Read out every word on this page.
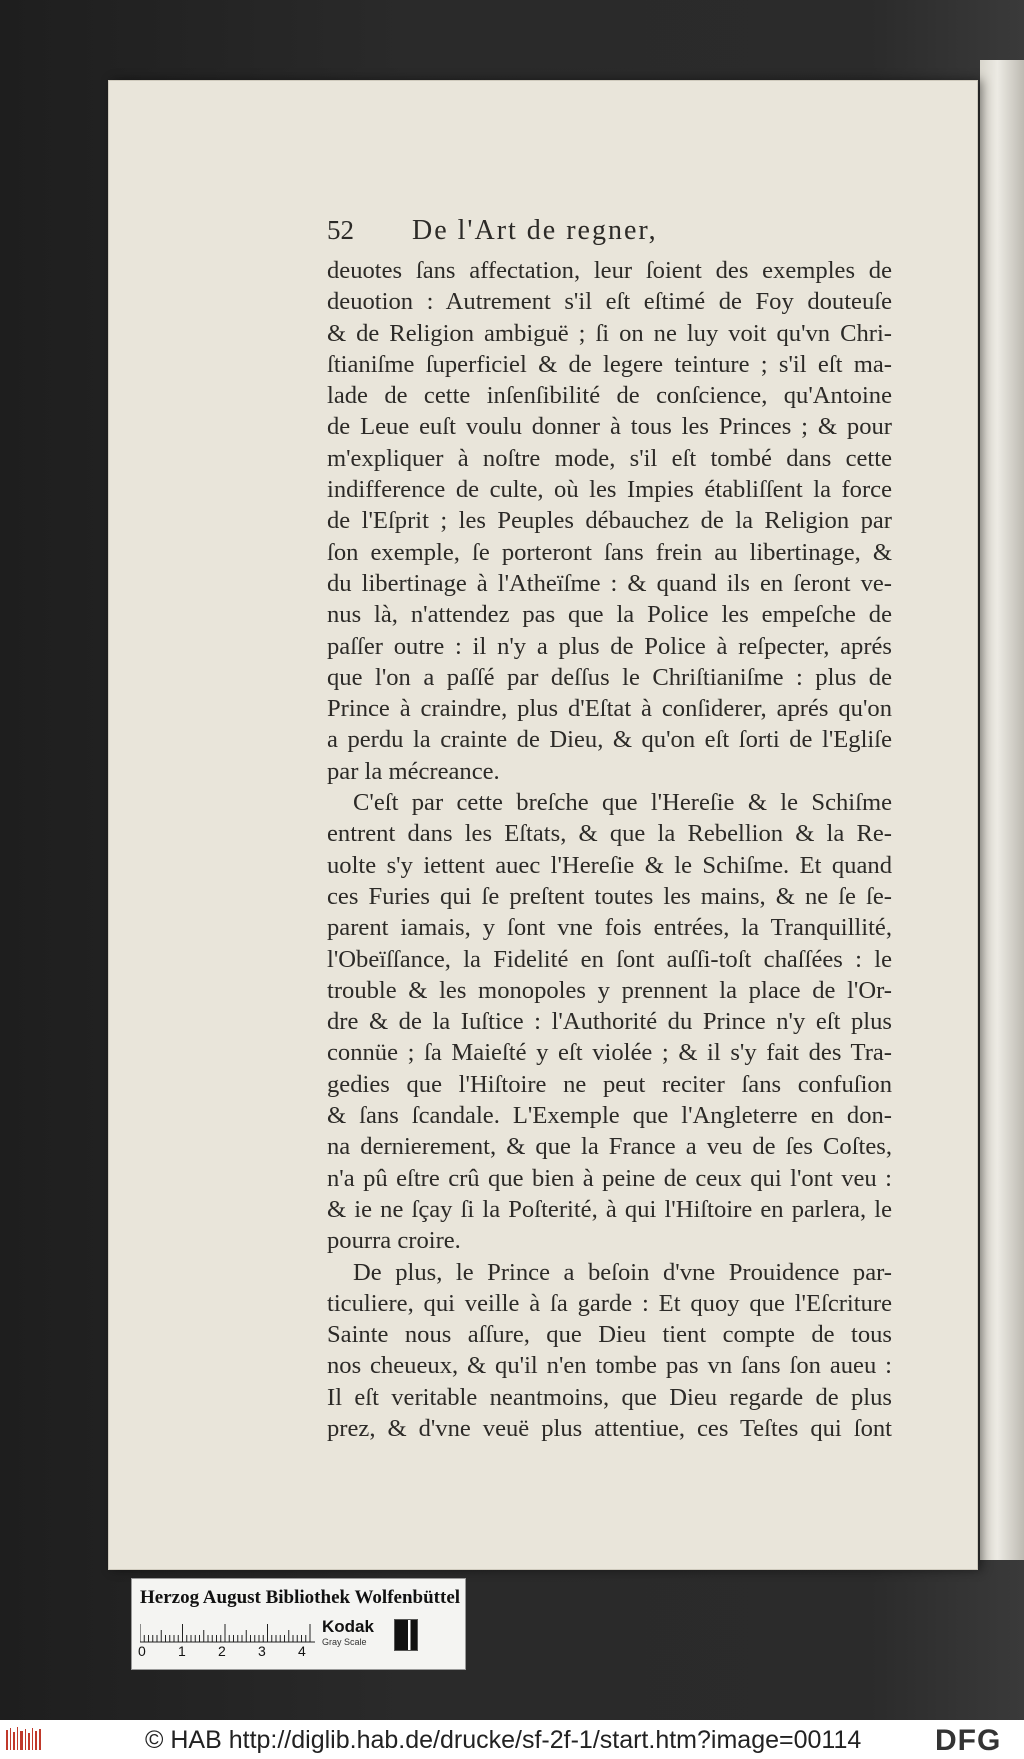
52	De l'Art de regner,
deuotes ſans affectation, leur ſoient des exemples de
deuotion : Autrement s'il eſt eſtimé de Foy douteuſe
& de Religion ambiguë ; ſi on ne luy voit qu'vn Chri-
ſtianiſme ſuperficiel & de legere teinture ; s'il eſt ma-
lade de cette inſenſibilité de conſcience, qu'Antoine
de Leue euſt voulu donner à tous les Princes ; & pour
m'expliquer à noſtre mode, s'il eſt tombé dans cette
indifference de culte, où les Impies établiſſent la force
de l'Eſprit ; les Peuples débauchez de la Religion par
ſon exemple, ſe porteront ſans frein au libertinage, &
du libertinage à l'Atheïſme : & quand ils en ſeront ve-
nus là, n'attendez pas que la Police les empeſche de
paſſer outre : il n'y a plus de Police à reſpecter, aprés
que l'on a paſſé par deſſus le Chriſtianiſme : plus de
Prince à craindre, plus d'Eſtat à conſiderer, aprés qu'on
a perdu la crainte de Dieu, & qu'on eſt ſorti de l'Egliſe
par la mécreance.
C'eſt par cette breſche que l'Hereſie & le Schiſme
entrent dans les Eſtats, & que la Rebellion & la Re-
uolte s'y iettent auec l'Hereſie & le Schiſme. Et quand
ces Furies qui ſe preſtent toutes les mains, & ne ſe ſe-
parent iamais, y ſont vne fois entrées, la Tranquillité,
l'Obeïſſance, la Fidelité en ſont auſſi-toſt chaſſées : le
trouble & les monopoles y prennent la place de l'Or-
dre & de la Iuſtice : l'Authorité du Prince n'y eſt plus
connüe ; ſa Maieſté y eſt violée ; & il s'y fait des Tra-
gedies que l'Hiſtoire ne peut reciter ſans confuſion
& ſans ſcandale. L'Exemple que l'Angleterre en don-
na dernierement, & que la France a veu de ſes Coſtes,
n'a pû eſtre crû que bien à peine de ceux qui l'ont veu :
& ie ne ſçay ſi la Poſterité, à qui l'Hiſtoire en parlera, le
pourra croire.
De plus, le Prince a beſoin d'vne Prouidence par-
ticuliere, qui veille à ſa garde : Et quoy que l'Eſcriture
Sainte nous aſſure, que Dieu tient compte de tous
nos cheueux, & qu'il n'en tombe pas vn ſans ſon aueu :
Il eſt veritable neantmoins, que Dieu regarde de plus
prez, & d'vne veuë plus attentiue, ces Teſtes qui ſont
Herzog August Bibliothek Wolfenbüttel
0	1	2	3	4
Kodak
Gray Scale
© HAB http://diglib.hab.de/drucke/sf-2f-1/start.htm?image=00114 DFG
